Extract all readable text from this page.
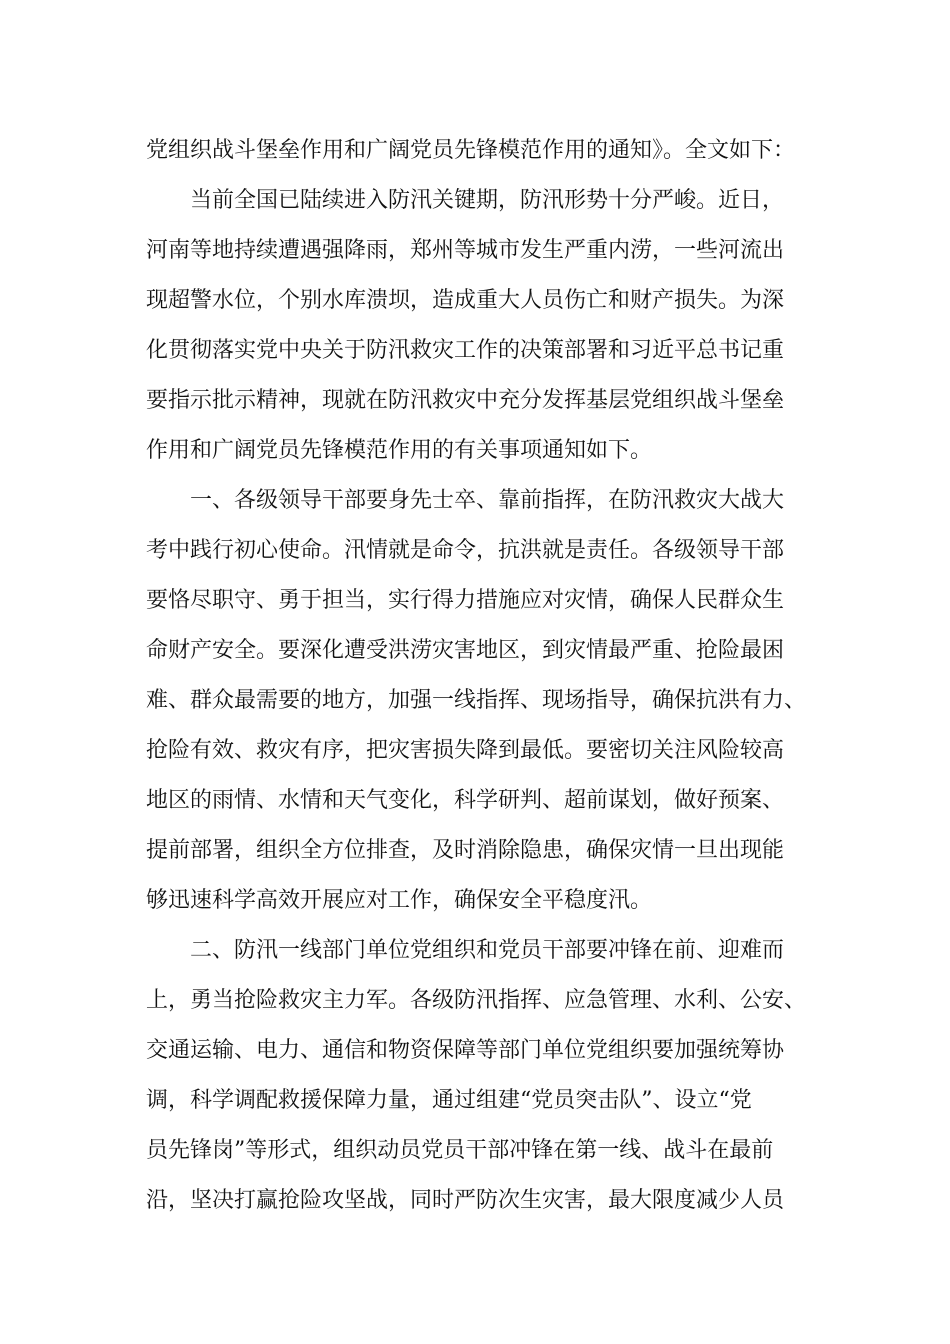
党组织战斗堡垒作用和广阔党员先锋模范作用的通知》。全文如下：
当前全国已陆续进入防汛关键期，防汛形势十分严峻。近日，
河南等地持续遭遇强降雨，郑州等城市发生严重内涝，一些河流出
现超警水位，个别水库溃坝，造成重大人员伤亡和财产损失。为深
化贯彻落实党中央关于防汛救灾工作的决策部署和习近平总书记重
要指示批示精神，现就在防汛救灾中充分发挥基层党组织战斗堡垒
作用和广阔党员先锋模范作用的有关事项通知如下。
一、各级领导干部要身先士卒、靠前指挥，在防汛救灾大战大
考中践行初心使命。汛情就是命令，抗洪就是责任。各级领导干部
要恪尽职守、勇于担当，实行得力措施应对灾情，确保人民群众生
命财产安全。要深化遭受洪涝灾害地区，到灾情最严重、抢险最困
难、群众最需要的地方，加强一线指挥、现场指导，确保抗洪有力、
抢险有效、救灾有序，把灾害损失降到最低。要密切关注风险较高
地区的雨情、水情和天气变化，科学研判、超前谋划，做好预案、
提前部署，组织全方位排查，及时消除隐患，确保灾情一旦出现能
够迅速科学高效开展应对工作，确保安全平稳度汛。
二、防汛一线部门单位党组织和党员干部要冲锋在前、迎难而
上，勇当抢险救灾主力军。各级防汛指挥、应急管理、水利、公安、
交通运输、电力、通信和物资保障等部门单位党组织要加强统筹协
调，科学调配救援保障力量，通过组建“党员突击队”、设立“党
员先锋岗”等形式，组织动员党员干部冲锋在第一线、战斗在最前
沿，坚决打赢抢险攻坚战，同时严防次生灾害，最大限度减少人员
